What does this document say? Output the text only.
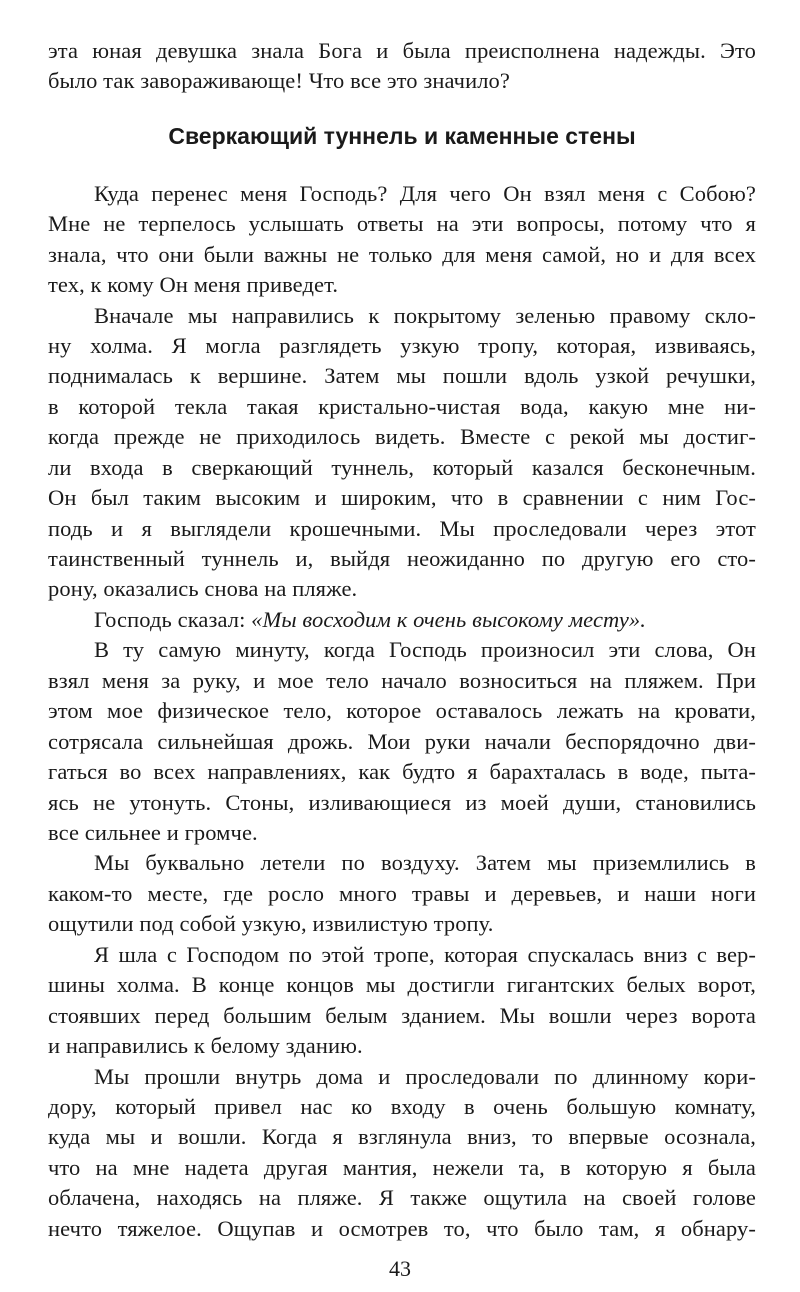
эта юная девушка знала Бога и была преисполнена надежды. Это
было так завораживающе! Что все это значило?
Сверкающий туннель и каменные стены
Куда перенес меня Господь? Для чего Он взял меня с Собою?
Мне не терпелось услышать ответы на эти вопросы, потому что я
знала, что они были важны не только для меня самой, но и для всех
тех, к кому Он меня приведет.
Вначале мы направились к покрытому зеленью правому скло-
ну холма. Я могла разглядеть узкую тропу, которая, извиваясь,
поднималась к вершине. Затем мы пошли вдоль узкой речушки,
в которой текла такая кристально-чистая вода, какую мне ни-
когда прежде не приходилось видеть. Вместе с рекой мы достиг-
ли входа в сверкающий туннель, который казался бесконечным.
Он был таким высоким и широким, что в сравнении с ним Гос-
подь и я выглядели крошечными. Мы проследовали через этот
таинственный туннель и, выйдя неожиданно по другую его сто-
рону, оказались снова на пляже.
Господь сказал: «Мы восходим к очень высокому месту».
В ту самую минуту, когда Господь произносил эти слова, Он
взял меня за руку, и мое тело начало возноситься на пляжем. При
этом мое физическое тело, которое оставалось лежать на кровати,
сотрясала сильнейшая дрожь. Мои руки начали беспорядочно дви-
гаться во всех направлениях, как будто я барахталась в воде, пыта-
ясь не утонуть. Стоны, изливающиеся из моей души, становились
все сильнее и громче.
Мы буквально летели по воздуху. Затем мы приземлились в
каком-то месте, где росло много травы и деревьев, и наши ноги
ощутили под собой узкую, извилистую тропу.
Я шла с Господом по этой тропе, которая спускалась вниз с вер-
шины холма. В конце концов мы достигли гигантских белых ворот,
стоявших перед большим белым зданием. Мы вошли через ворота
и направились к белому зданию.
Мы прошли внутрь дома и проследовали по длинному кори-
дору, который привел нас ко входу в очень большую комнату,
куда мы и вошли. Когда я взглянула вниз, то впервые осознала,
что на мне надета другая мантия, нежели та, в которую я была
облачена, находясь на пляже. Я также ощутила на своей голове
нечто тяжелое. Ощупав и осмотрев то, что было там, я обнару-
43
